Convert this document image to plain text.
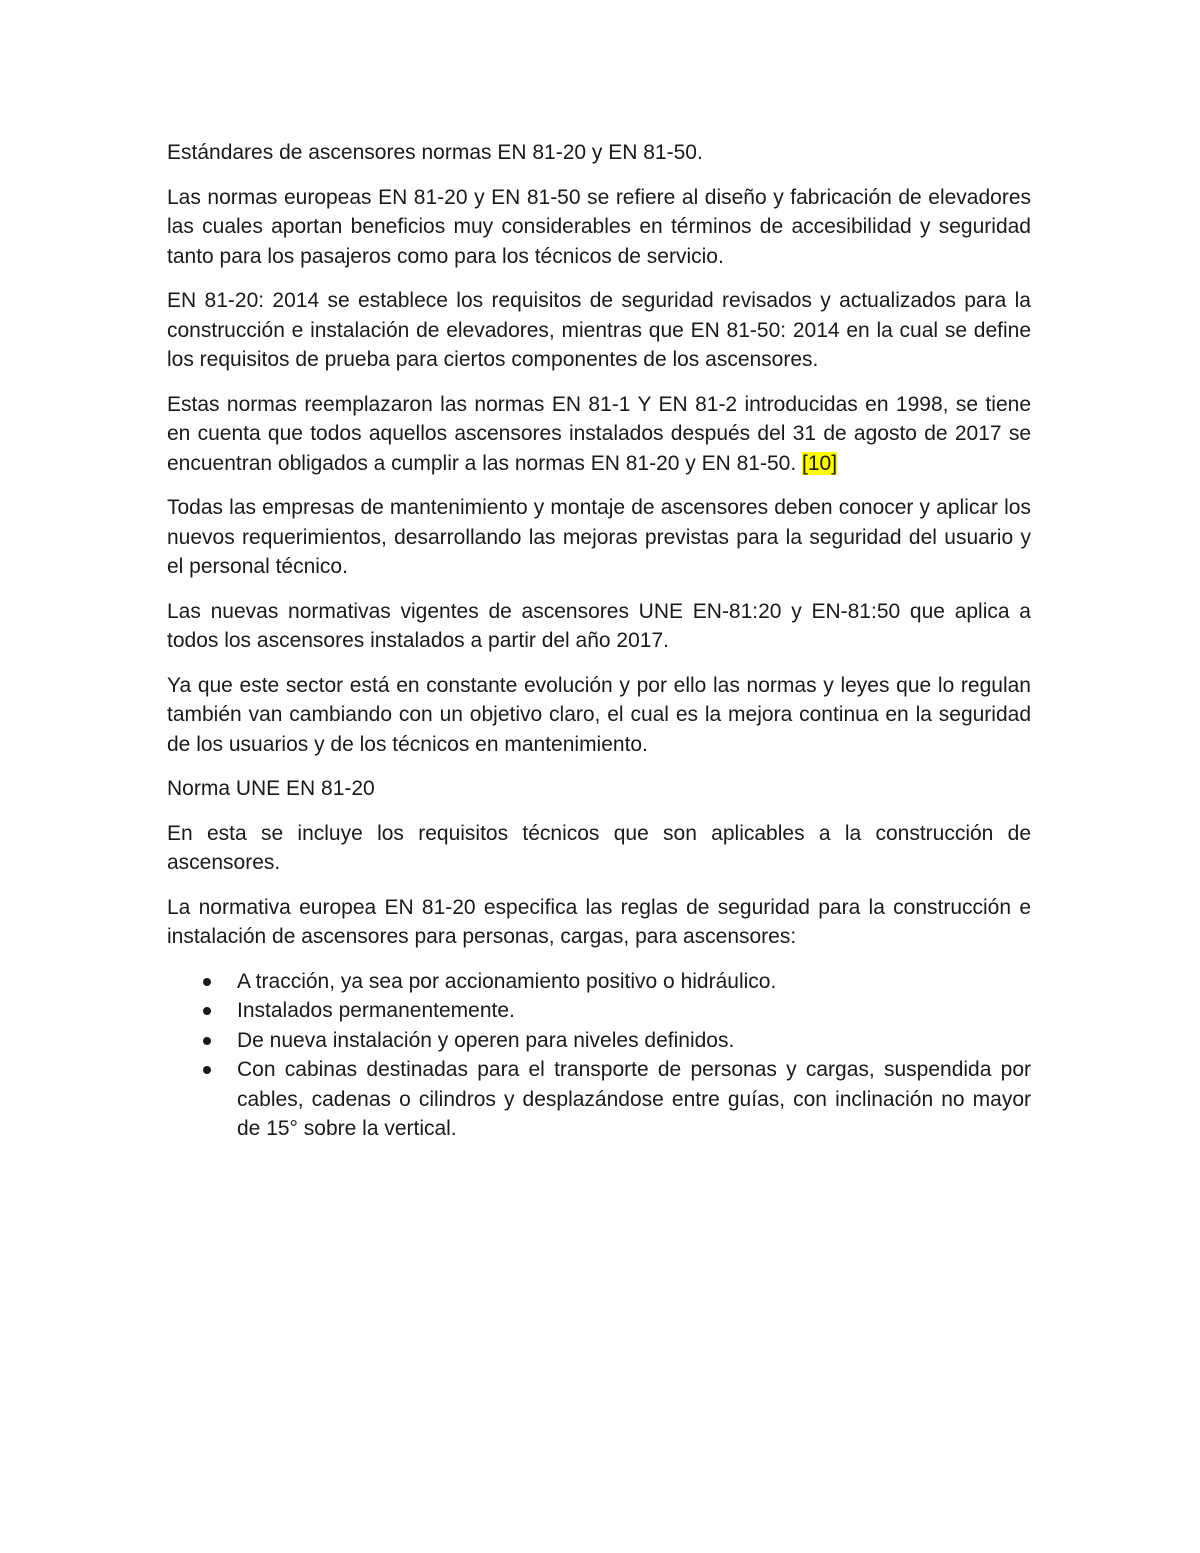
Estándares de ascensores normas EN 81-20 y EN 81-50.

Las normas europeas EN 81-20 y EN 81-50 se refiere al diseño y fabricación de elevadores las cuales aportan beneficios muy considerables en términos de accesibilidad y seguridad tanto para los pasajeros como para los técnicos de servicio.

EN 81-20: 2014 se establece los requisitos de seguridad revisados y actualizados para la construcción e instalación de elevadores, mientras que EN 81-50: 2014 en la cual se define los requisitos de prueba para ciertos componentes de los ascensores.

Estas normas reemplazaron las normas EN 81-1 Y EN 81-2 introducidas en 1998, se tiene en cuenta que todos aquellos ascensores instalados después del 31 de agosto de 2017 se encuentran obligados a cumplir a las normas EN 81-20 y EN 81-50. [10]

Todas las empresas de mantenimiento y montaje de ascensores deben conocer y aplicar los nuevos requerimientos, desarrollando las mejoras previstas para la seguridad del usuario y el personal técnico.

Las nuevas normativas vigentes de ascensores UNE EN-81:20 y EN-81:50 que aplica a todos los ascensores instalados a partir del año 2017.

Ya que este sector está en constante evolución y por ello las normas y leyes que lo regulan también van cambiando con un objetivo claro, el cual es la mejora continua en la seguridad de los usuarios y de los técnicos en mantenimiento.

Norma UNE EN 81-20

En esta se incluye los requisitos técnicos que son aplicables a la construcción de ascensores.

La normativa europea EN 81-20 especifica las reglas de seguridad para la construcción e instalación de ascensores para personas, cargas, para ascensores:

A tracción, ya sea por accionamiento positivo o hidráulico.
Instalados permanentemente.
De nueva instalación y operen para niveles definidos.
Con cabinas destinadas para el transporte de personas y cargas, suspendida por cables, cadenas o cilindros y desplazándose entre guías, con inclinación no mayor de 15° sobre la vertical.
